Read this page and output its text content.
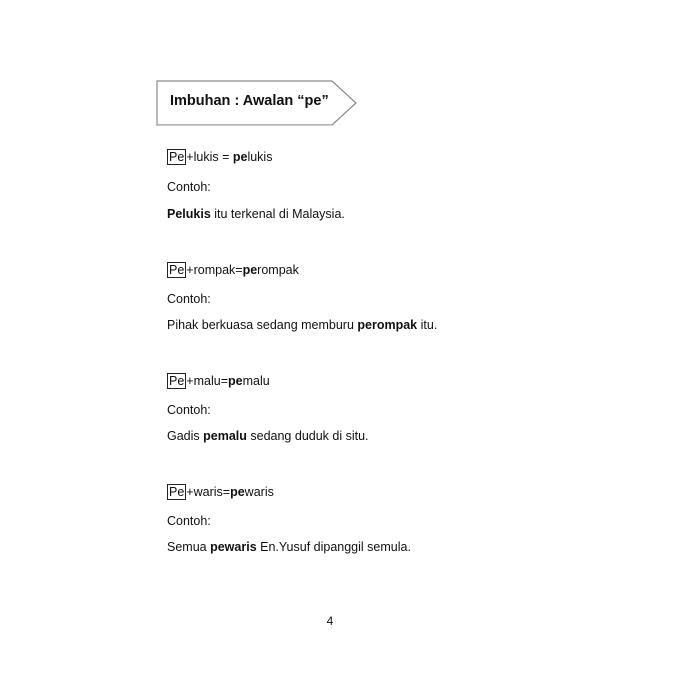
Imbuhan : Awalan “pe”
Pe +lukis = pe lukis
Contoh:
Pelukis itu terkenal di Malaysia.
Pe +rompak= pe rompak
Contoh:
Pihak berkuasa sedang memburu perompak itu.
Pe +malu= pe malu
Contoh:
Gadis pemalu sedang duduk di situ.
Pe +waris= pe waris
Contoh:
Semua pewaris En.Yusuf dipanggil semula.
4
